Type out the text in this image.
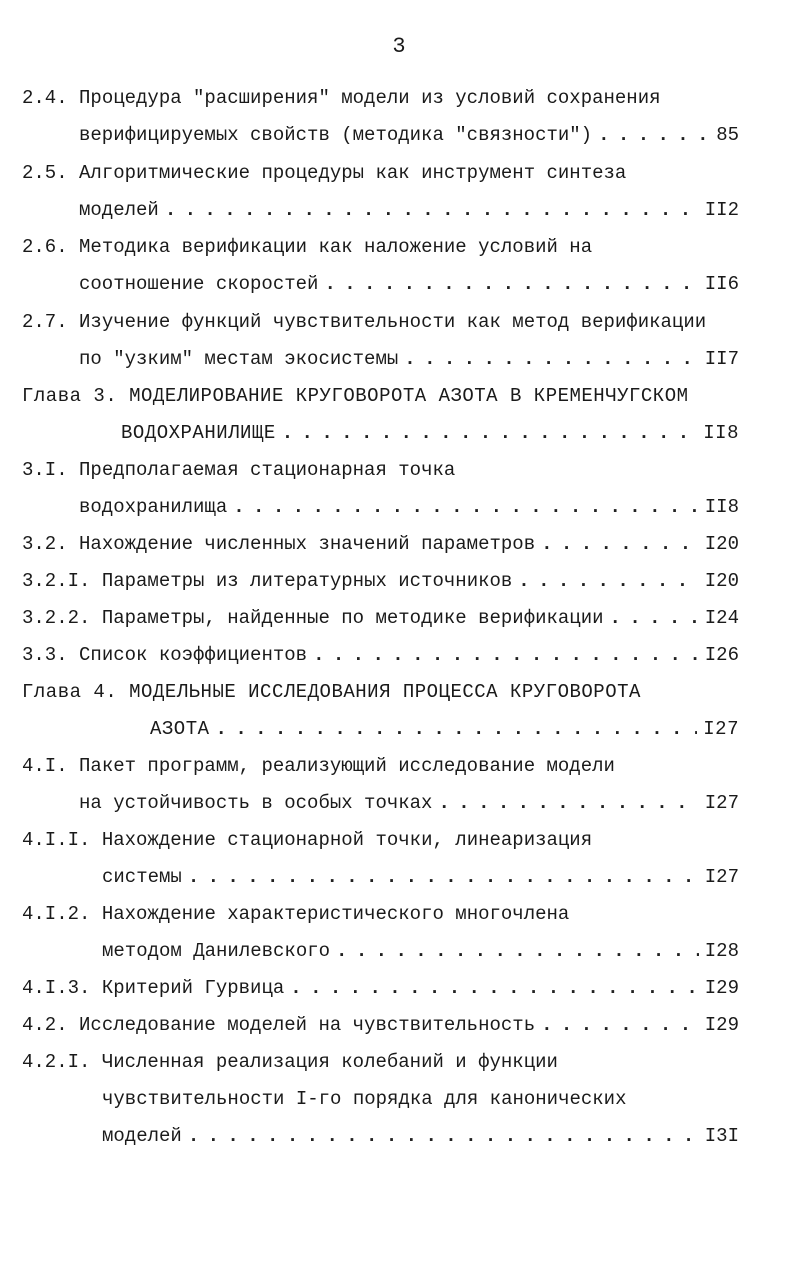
3
2.4.
Процедура "расширения" модели из условий сохранения
верифицируемых свойств (методика "связности") . . .	85
2.5.
Алгоритмические процедуры как инструмент синтеза
моделей . . .	II2
2.6.
Методика верификации как наложение условий на
соотношение скоростей . . .	II6
2.7.
Изучение функций чувствительности как метод верификации
по "узким" местам экосистемы . . .	II7
Глава 3.
МОДЕЛИРОВАНИЕ КРУГОВОРОТА АЗОТА В КРЕМЕНЧУГСКОМ
ВОДОХРАНИЛИЩЕ . . .	II8
3.I.
Предполагаемая стационарная точка
водохранилища . . .	II8
3.2.
Нахождение численных значений параметров . . .	I20
3.2.I.
Параметры из литературных источников . . .	I20
3.2.2.
Параметры, найденные по методике верификации . . .	I24
3.3.
Список коэффициентов . . .	I26
Глава 4.
МОДЕЛЬНЫЕ ИССЛЕДОВАНИЯ ПРОЦЕССА КРУГОВОРОТА
АЗОТА . . .	I27
4.I.
Пакет программ, реализующий исследование модели
на устойчивость в особых точках . . .	I27
4.I.I.
Нахождение стационарной точки, линеаризация
системы . . .	I27
4.I.2.
Нахождение характеристического многочлена
методом Данилевского . . .	I28
4.I.3.
Критерий Гурвица . . .	I29
4.2.
Исследование моделей на чувствительность . . .	I29
4.2.I.
Численная реализация колебаний и функции
чувствительности I-го порядка для канонических
моделей . . .	I3I
